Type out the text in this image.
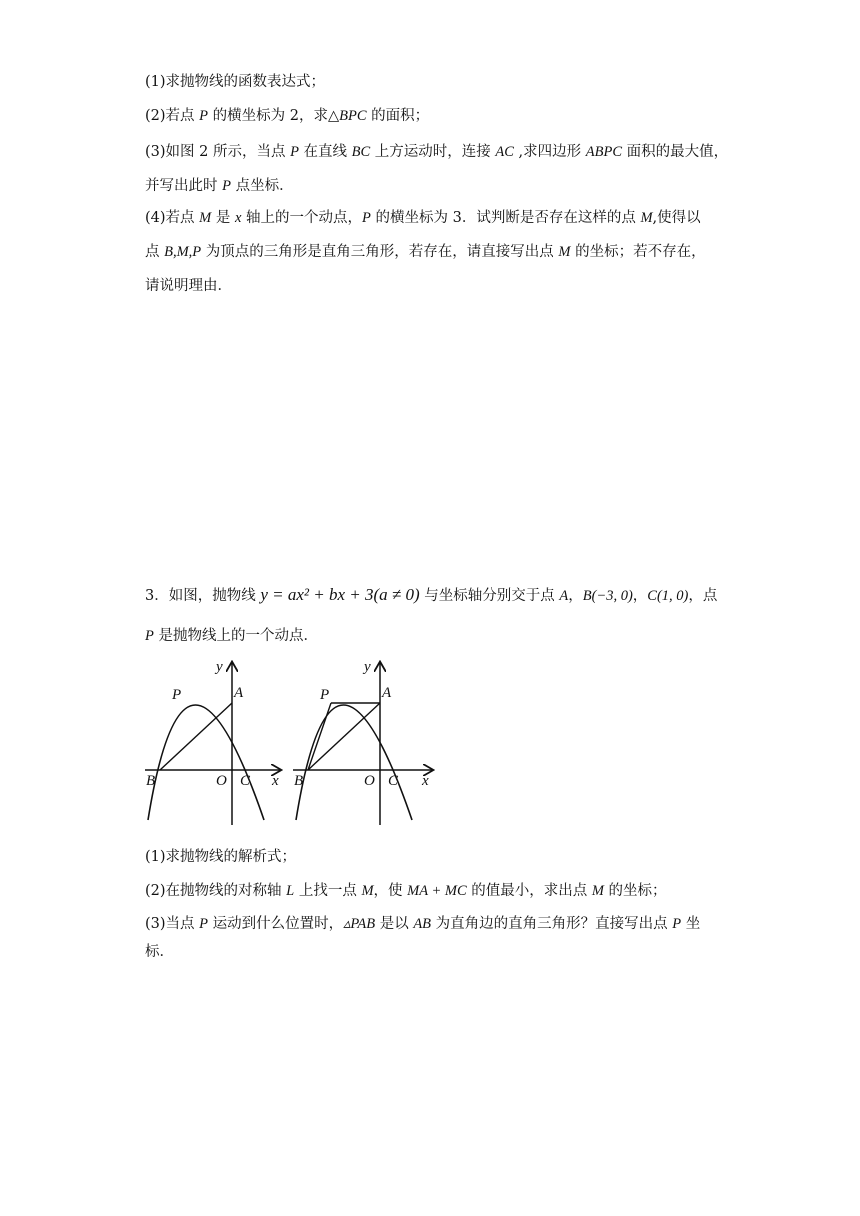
(1)求抛物线的函数表达式；
(2)若点 P 的横坐标为 2，求△BPC 的面积；
(3)如图 2 所示，当点 P 在直线 BC 上方运动时，连接 AC ,求四边形 ABPC 面积的最大值，
并写出此时 P 点坐标．
(4)若点 M 是 x 轴上的一个动点，P 的横坐标为 3．试判断是否存在这样的点 M,使得以
点 B,M,P 为顶点的三角形是直角三角形，若存在，请直接写出点 M 的坐标；若不存在，
请说明理由．
3．如图，抛物线 y = ax² + bx + 3(a ≠ 0) 与坐标轴分别交于点 A，B(−3, 0)，C(1, 0)，点
P 是抛物线上的一个动点．
y
P	A
B	O C x
y
P	A
B	O C x
(1)求抛物线的解析式；
(2)在抛物线的对称轴 L 上找一点 M，使 MA + MC 的值最小，求出点 M 的坐标；
(3)当点 P 运动到什么位置时，▵PAB 是以 AB 为直角边的直角三角形？直接写出点 P 坐
标．
